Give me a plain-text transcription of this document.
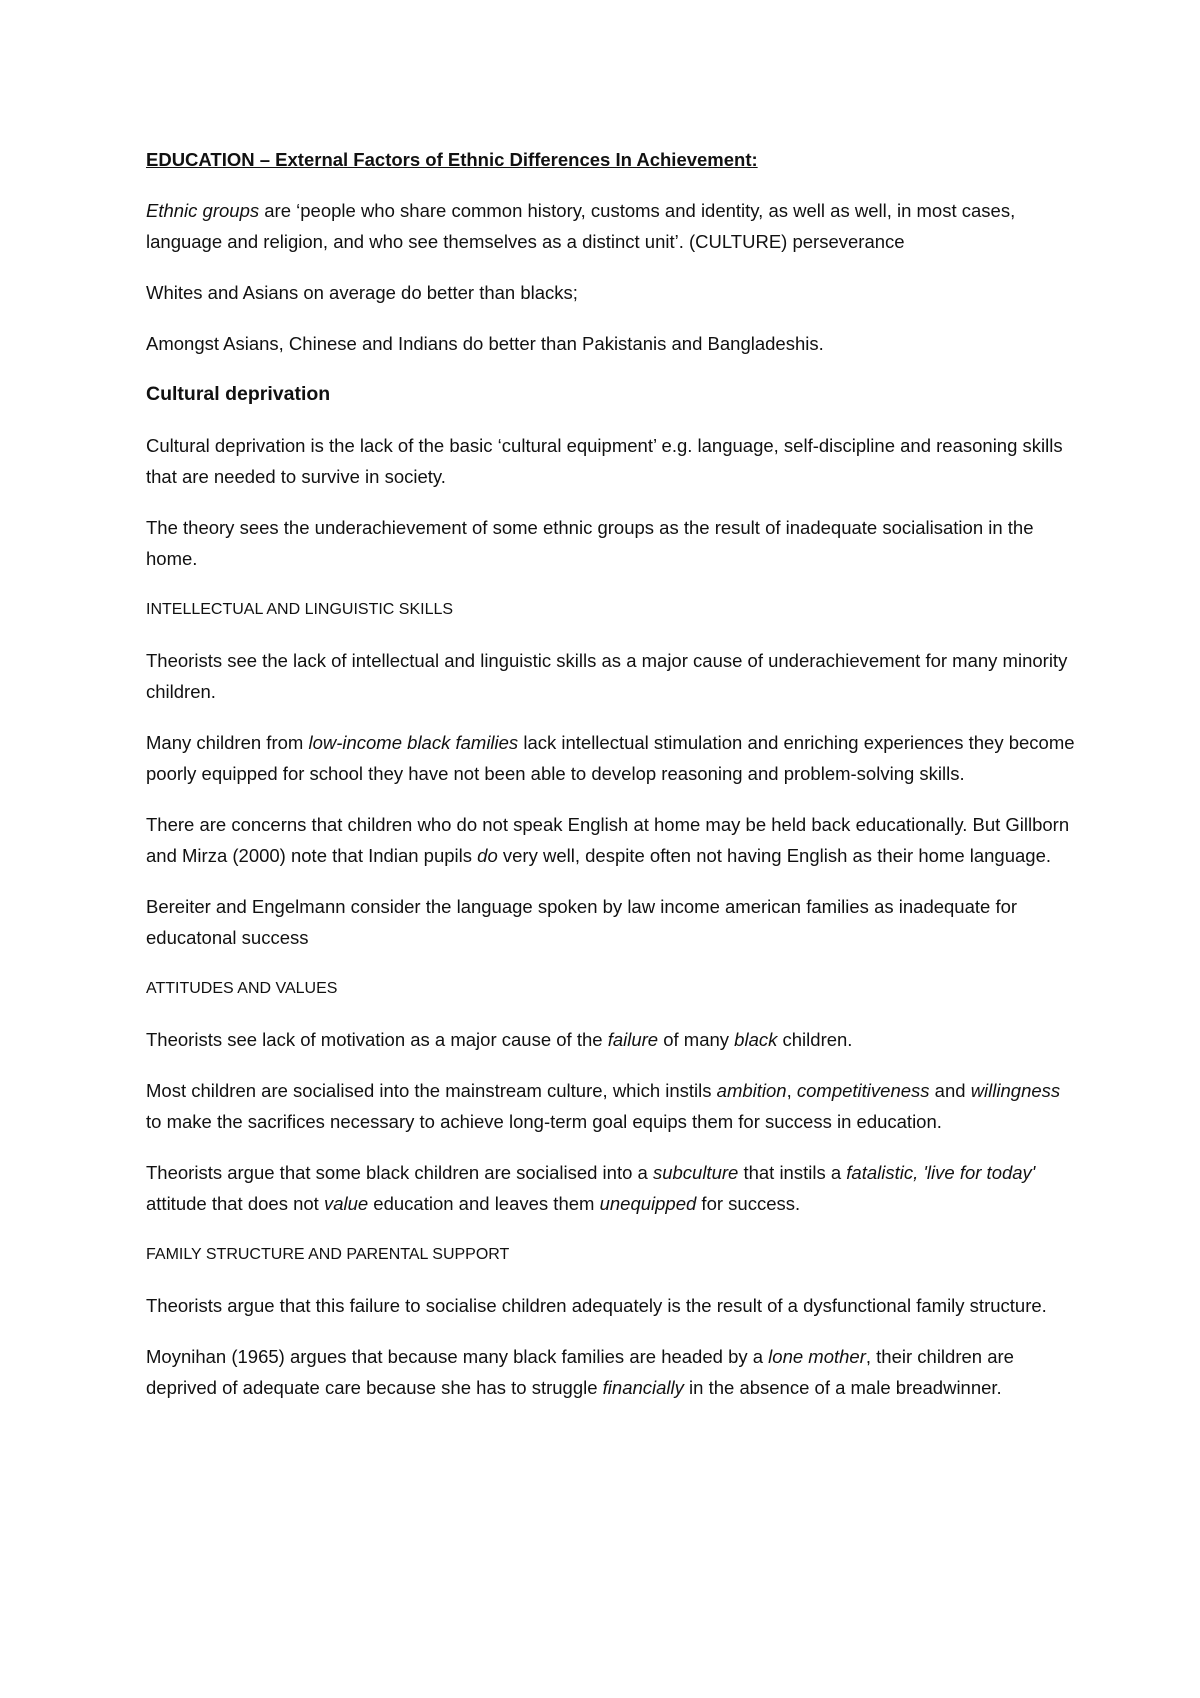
EDUCATION – External Factors of Ethnic Differences In Achievement:

Ethnic groups are ‘people who share common history, customs and identity, as well as well, in most cases, language and religion, and who see themselves as a distinct unit’. (CULTURE) perseverance

Whites and Asians on average do better than blacks;

Amongst Asians, Chinese and Indians do better than Pakistanis and Bangladeshis.

Cultural deprivation

Cultural deprivation is the lack of the basic ‘cultural equipment’ e.g. language, self-discipline and reasoning skills that are needed to survive in society.

The theory sees the underachievement of some ethnic groups as the result of inadequate socialisation in the home.

INTELLECTUAL AND LINGUISTIC SKILLS

Theorists see the lack of intellectual and linguistic skills as a major cause of underachievement for many minority children.

Many children from low-income black families lack intellectual stimulation and enriching experiences they become poorly equipped for school they have not been able to develop reasoning and problem-solving skills.

There are concerns that children who do not speak English at home may be held back educationally. But Gillborn and Mirza (2000) note that Indian pupils do very well, despite often not having English as their home language.

Bereiter and Engelmann consider the language spoken by law income american families as inadequate for educatonal success

ATTITUDES AND VALUES

Theorists see lack of motivation as a major cause of the failure of many black children.

Most children are socialised into the mainstream culture, which instils ambition, competitiveness and willingness to make the sacrifices necessary to achieve long-term goal equips them for success in education.

Theorists argue that some black children are socialised into a subculture that instils a fatalistic, 'live for today' attitude that does not value education and leaves them unequipped for success.

FAMILY STRUCTURE AND PARENTAL SUPPORT

Theorists argue that this failure to socialise children adequately is the result of a dysfunctional family structure.

Moynihan (1965) argues that because many black families are headed by a lone mother, their children are deprived of adequate care because she has to struggle financially in the absence of a male breadwinner.
